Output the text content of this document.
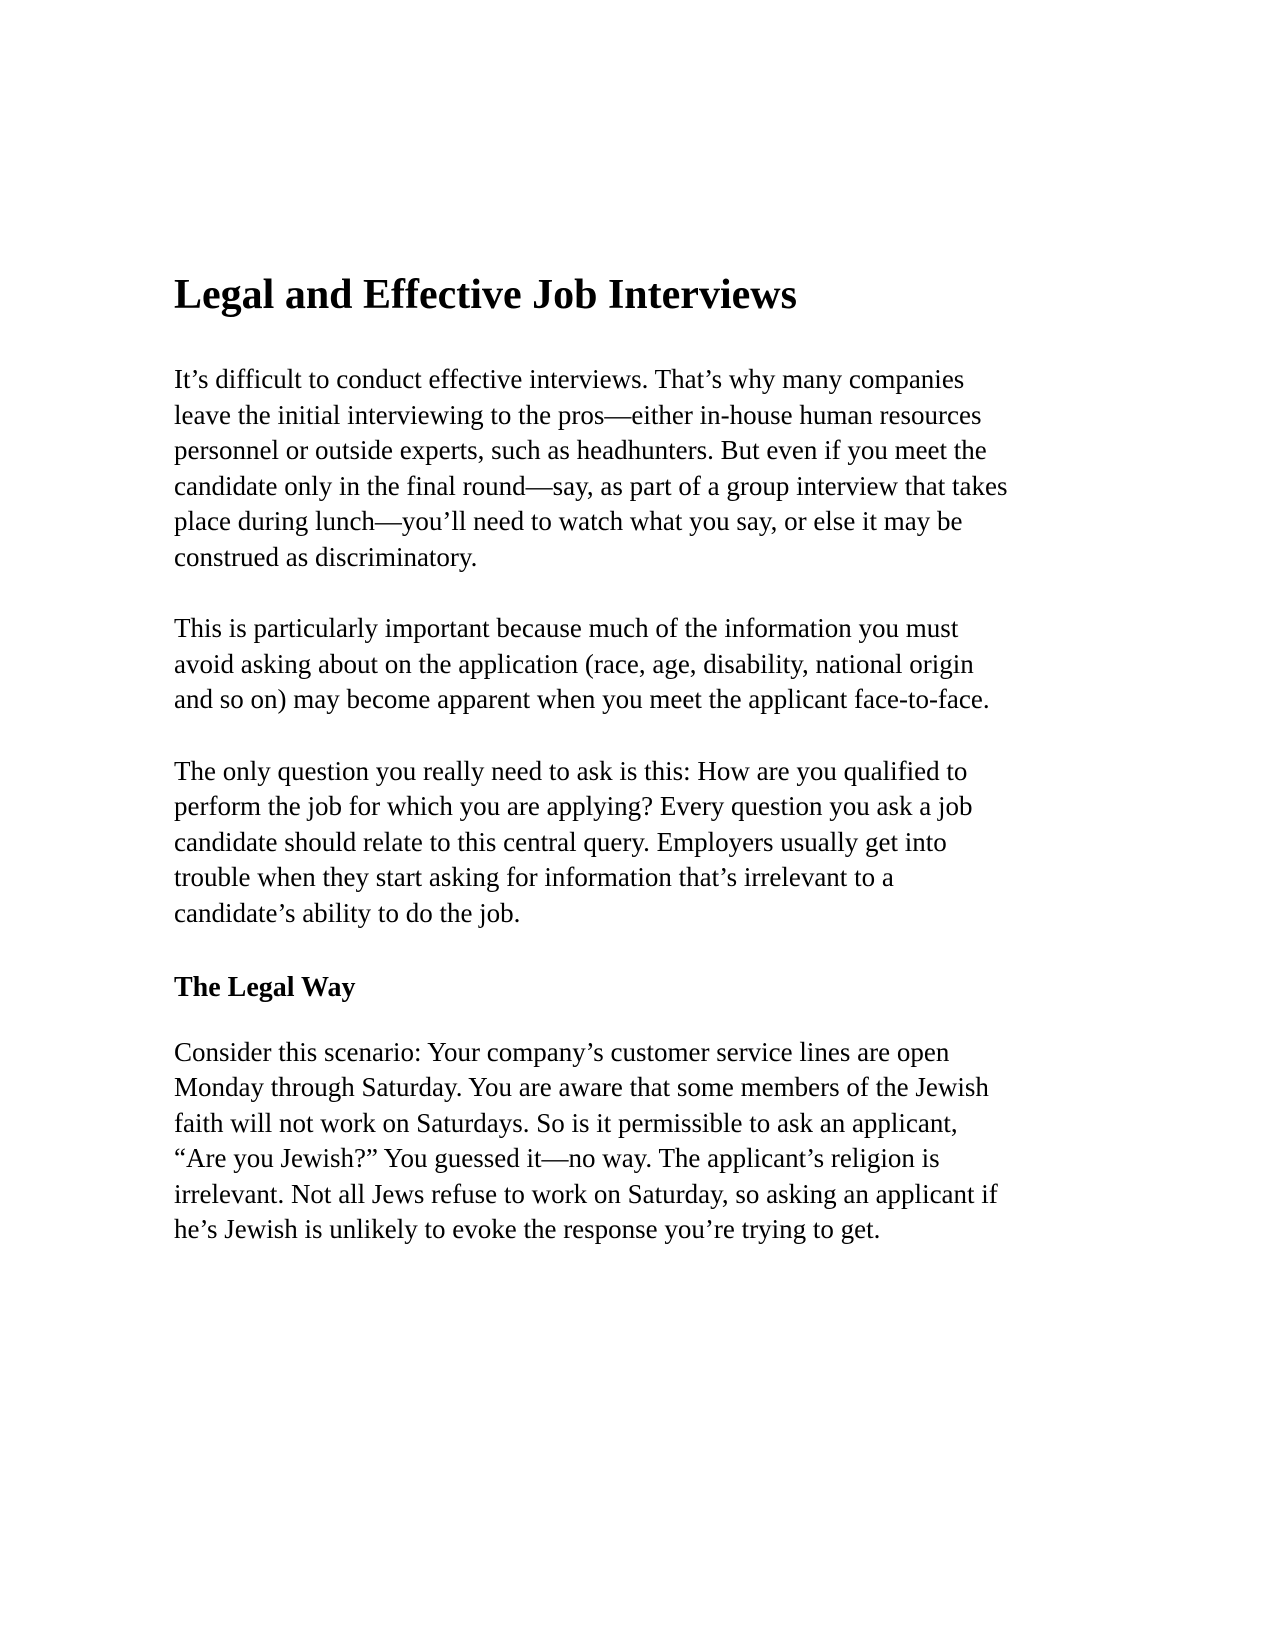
Legal and Effective Job Interviews

It’s difficult to conduct effective interviews. That’s why many companies leave the initial interviewing to the pros—either in-house human resources personnel or outside experts, such as headhunters. But even if you meet the candidate only in the final round—say, as part of a group interview that takes place during lunch—you’ll need to watch what you say, or else it may be construed as discriminatory.

This is particularly important because much of the information you must avoid asking about on the application (race, age, disability, national origin and so on) may become apparent when you meet the applicant face-to-face.

The only question you really need to ask is this: How are you qualified to perform the job for which you are applying? Every question you ask a job candidate should relate to this central query. Employers usually get into trouble when they start asking for information that’s irrelevant to a candidate’s ability to do the job.

The Legal Way

Consider this scenario: Your company’s customer service lines are open Monday through Saturday. You are aware that some members of the Jewish faith will not work on Saturdays. So is it permissible to ask an applicant, “Are you Jewish?” You guessed it—no way. The applicant’s religion is irrelevant. Not all Jews refuse to work on Saturday, so asking an applicant if he’s Jewish is unlikely to evoke the response you’re trying to get.
